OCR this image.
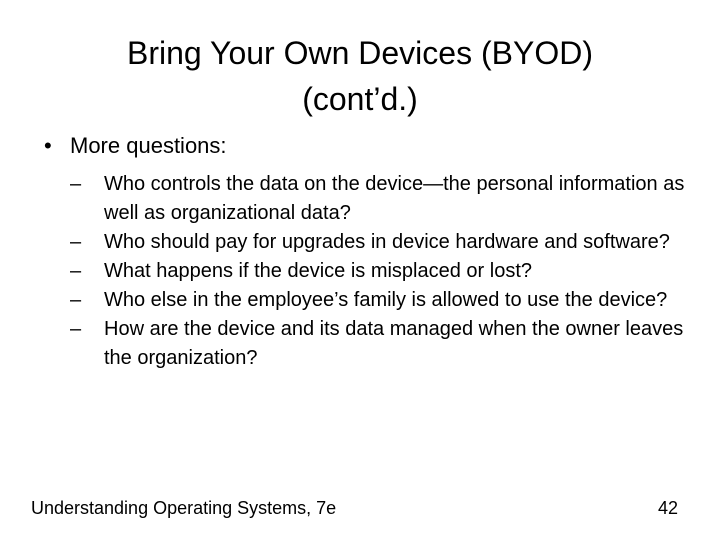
Bring Your Own Devices (BYOD)
(cont’d.)
• More questions:
– Who controls the data on the device—the personal information as well as organizational data?
– Who should pay for upgrades in device hardware and software?
– What happens if the device is misplaced or lost?
– Who else in the employee’s family is allowed to use the device?
– How are the device and its data managed when the owner leaves the organization?
Understanding Operating Systems, 7e	42
